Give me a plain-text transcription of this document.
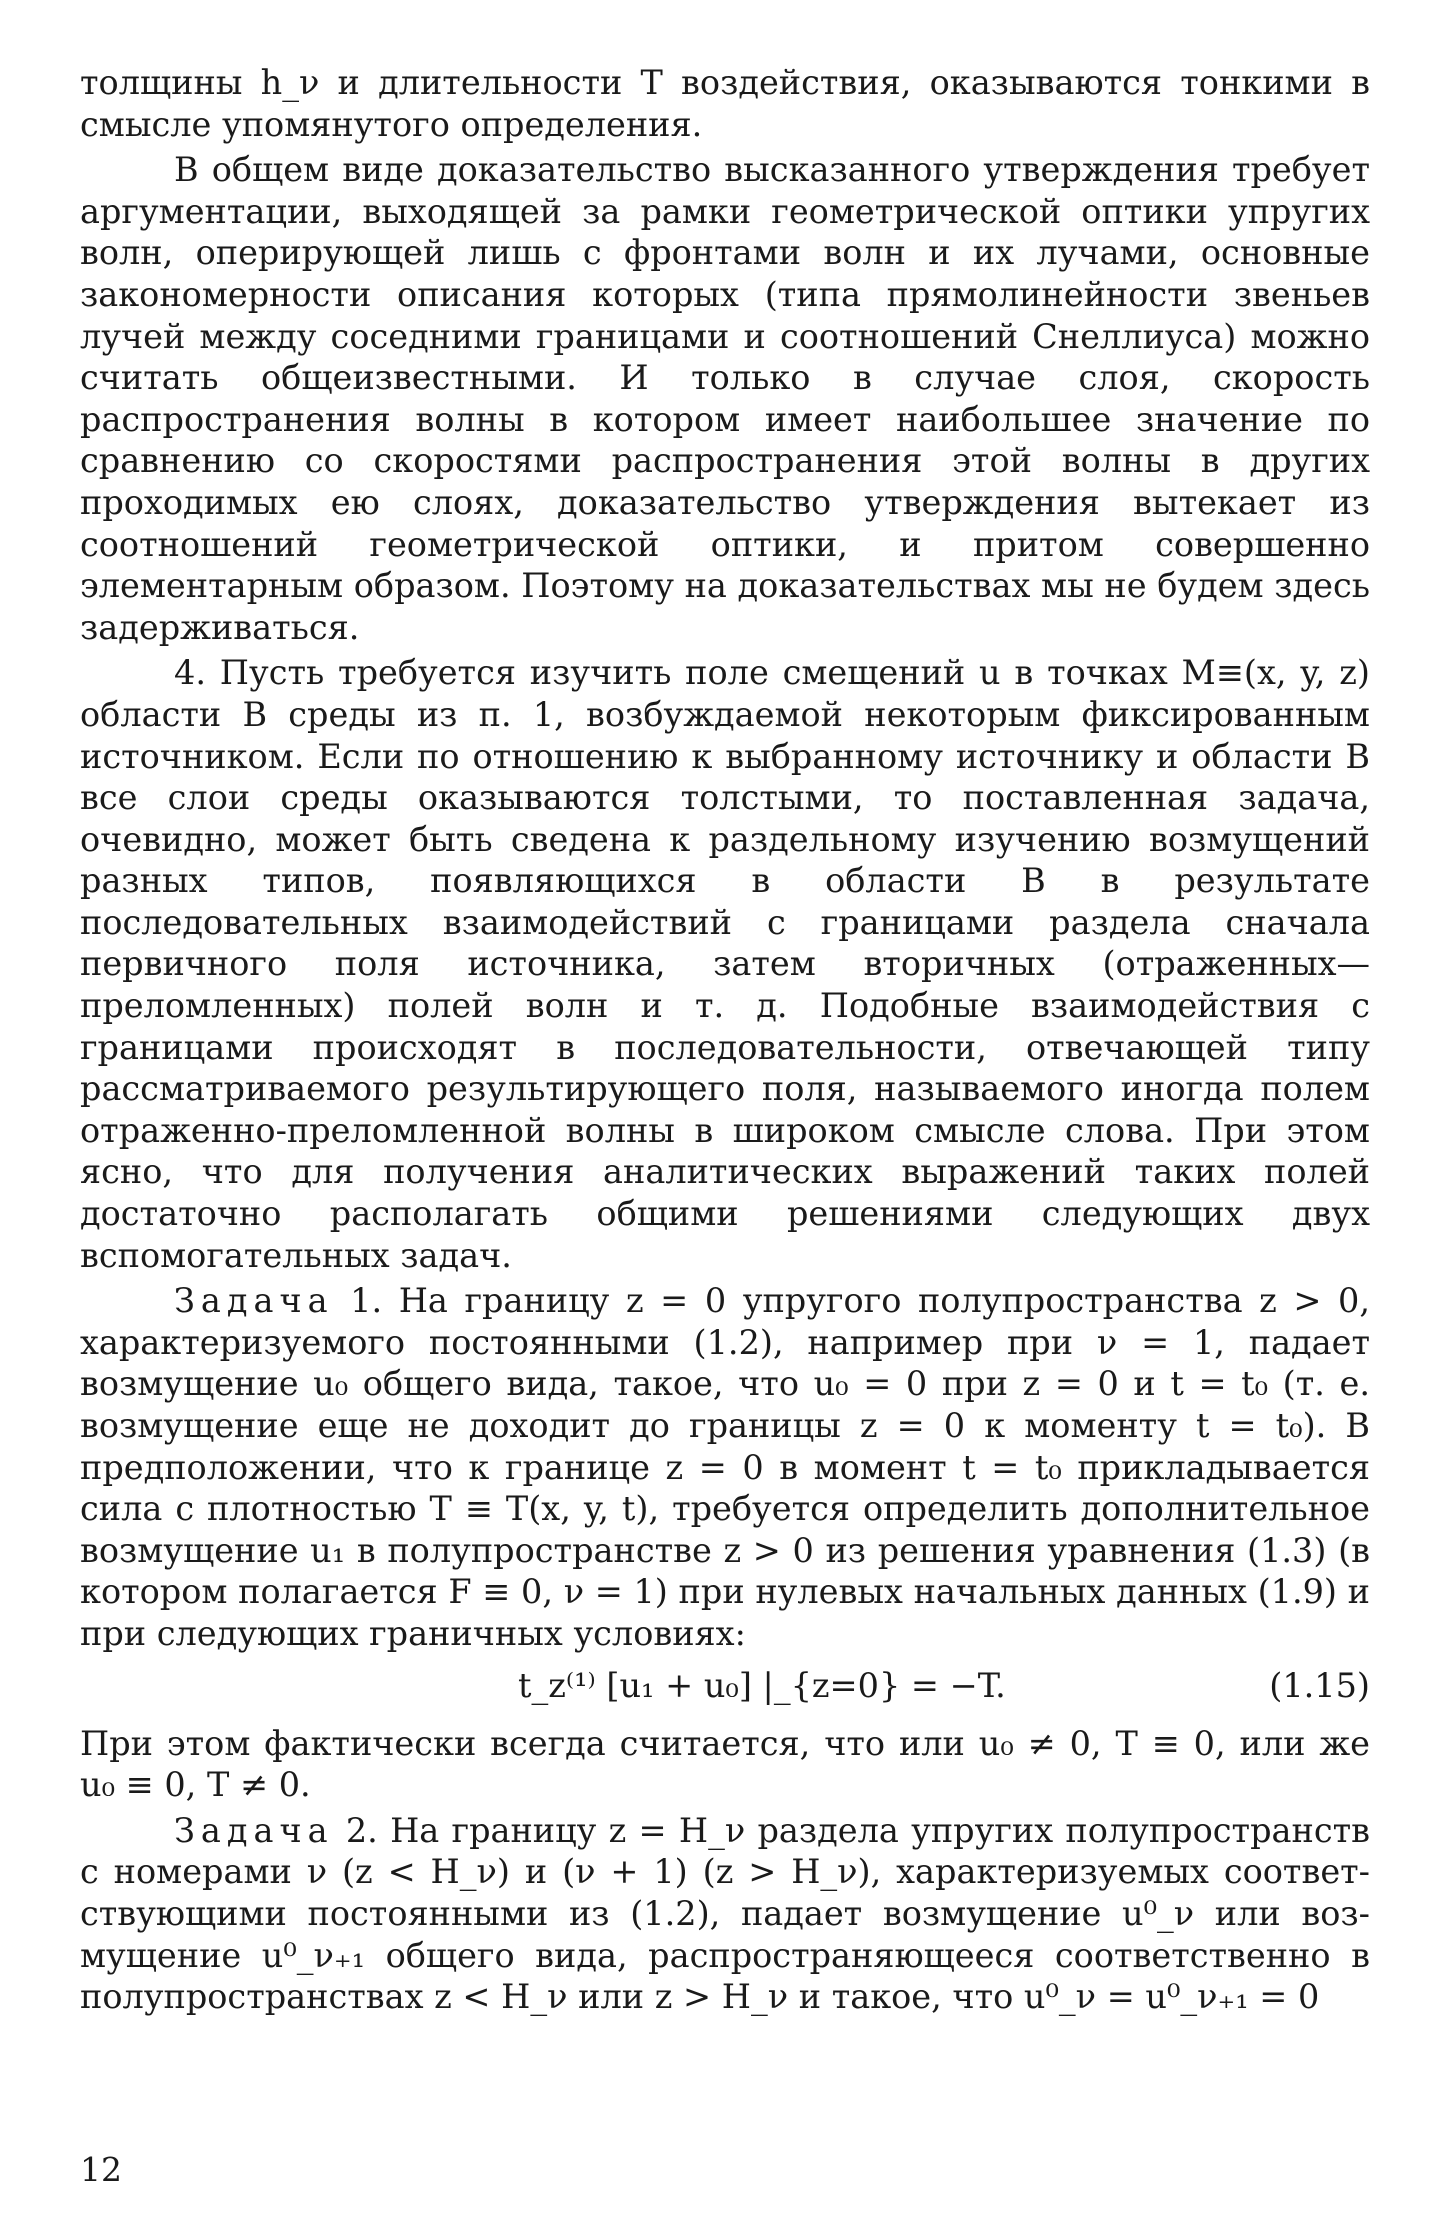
толщины h_ν и длительности T воздействия, оказываются тонкими в смысле упомянутого определения.

В общем виде доказательство высказанного утверждения требует аргументации, выходящей за рамки геометрической оптики упругих волн, оперирующей лишь с фронтами волн и их лучами, основные закономерности описания которых (типа прямолинейности звеньев лучей между соседними границами и соотношений Снеллиуса) можно считать общеизвестными. И только в случае слоя, скорость распространения волны в котором имеет наибольшее значение по сравнению со скоростями распространения этой волны в других проходимых ею слоях, доказательство утверждения вытекает из соотношений геометрической оптики, и притом совершенно элементарным образом. Поэтому на доказательствах мы не будем здесь задерживаться.

4. Пусть требуется изучить поле смещений u в точках M≡(x, y, z) области B среды из п. 1, возбуждаемой некоторым фиксированным источником. Если по отношению к выбранному источнику и области B все слои среды оказываются толстыми, то поставленная задача, очевидно, может быть сведена к раздельному изучению возмущений разных типов, появляющихся в области B в результате последовательных взаимодействий с границами раздела сначала первичного поля источника, затем вторичных (отраженных—преломленных) полей волн и т. д. Подобные взаимодействия с границами происходят в последовательности, отвечающей типу рассматриваемого результирующего поля, называемого иногда полем отраженно-преломленной волны в широком смысле слова. При этом ясно, что для получения аналитических выражений таких полей достаточно располагать общими решениями следующих двух вспомогательных задач.

Задача 1. На границу z = 0 упругого полупространства z > 0, характеризуемого постоянными (1.2), например при ν = 1, падает возмущение u₀ общего вида, такое, что u₀ = 0 при z = 0 и t = t₀ (т. е. возмущение еще не доходит до границы z = 0 к моменту t = t₀). В предположении, что к границе z = 0 в момент t = t₀ прикладывается сила с плотностью T ≡ T(x, y, t), требуется определить дополнительное возмущение u₁ в полупространстве z > 0 из решения уравнения (1.3) (в котором полагается F ≡ 0, ν = 1) при нулевых начальных данных (1.9) и при следующих граничных условиях:

t_z⁽¹⁾ [u₁ + u₀] |_{z=0} = −T.	(1.15)

При этом фактически всегда считается, что или u₀ ≠ 0, T ≡ 0, или же u₀ ≡ 0, T ≠ 0.

Задача 2. На границу z = H_ν раздела упругих полупространств с номерами ν (z < H_ν) и (ν + 1) (z > H_ν), характеризуемых соответствующими постоянными из (1.2), падает возмущение u⁰_ν или возмущение u⁰_ν₊₁ общего вида, распространяющееся соответственно в полупространствах z < H_ν или z > H_ν и такое, что u⁰_ν = u⁰_ν₊₁ = 0

12
